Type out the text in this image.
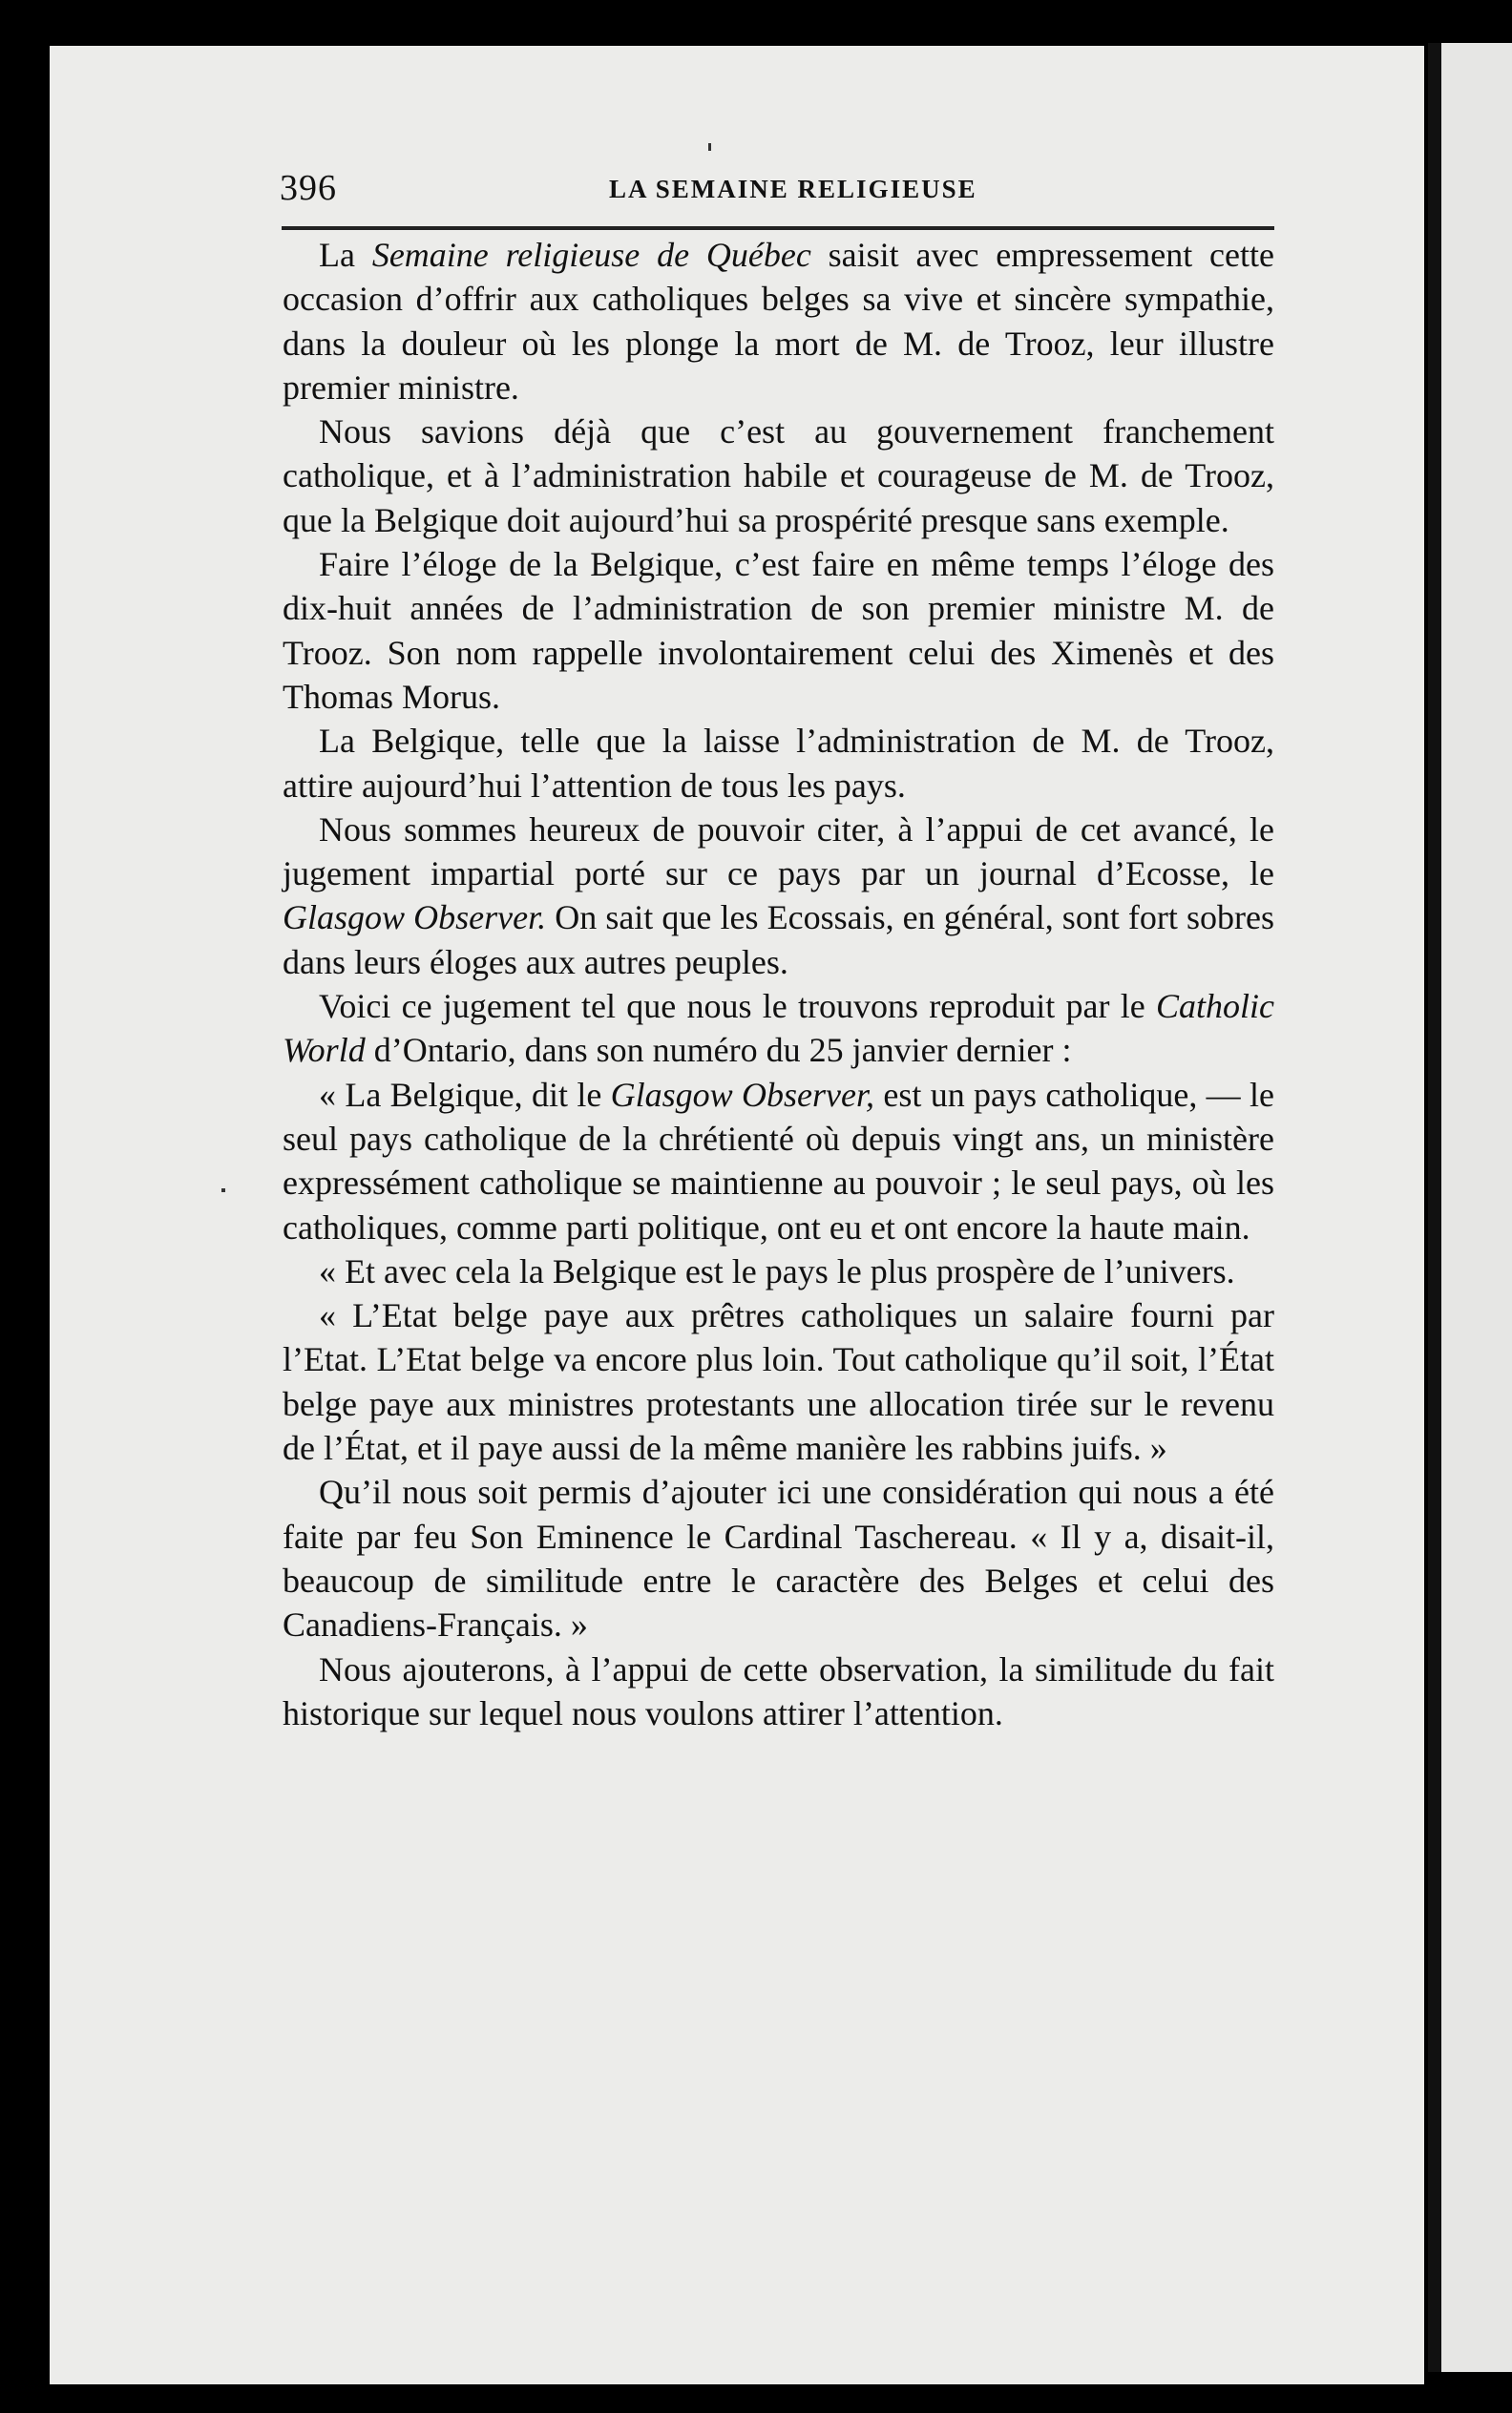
396	LA SEMAINE RELIGIEUSE

La Semaine religieuse de Québec saisit avec empressement cette occasion d’offrir aux catholiques belges sa vive et sincère sympathie, dans la douleur où les plonge la mort de M. de Trooz, leur illustre premier ministre.

Nous savions déjà que c’est au gouvernement franchement catholique, et à l’administration habile et courageuse de M. de Trooz, que la Belgique doit aujourd’hui sa prospérité presque sans exemple.

Faire l’éloge de la Belgique, c’est faire en même temps l’éloge des dix-huit années de l’administration de son premier ministre M. de Trooz. Son nom rappelle involontairement celui des Ximenès et des Thomas Morus.

La Belgique, telle que la laisse l’administration de M. de Trooz, attire aujourd’hui l’attention de tous les pays.

Nous sommes heureux de pouvoir citer, à l’appui de cet avancé, le jugement impartial porté sur ce pays par un journal d’Ecosse, le Glasgow Observer. On sait que les Ecossais, en général, sont fort sobres dans leurs éloges aux autres peuples.

Voici ce jugement tel que nous le trouvons reproduit par le Catholic World d’Ontario, dans son numéro du 25 janvier dernier :

« La Belgique, dit le Glasgow Observer, est un pays catholique, — le seul pays catholique de la chrétienté où depuis vingt ans, un ministère expressément catholique se maintienne au pouvoir ; le seul pays, où les catholiques, comme parti politique, ont eu et ont encore la haute main.

« Et avec cela la Belgique est le pays le plus prospère de l’univers.

« L’Etat belge paye aux prêtres catholiques un salaire fourni par l’Etat. L’Etat belge va encore plus loin. Tout catholique qu’il soit, l’État belge paye aux ministres protestants une allocation tirée sur le revenu de l’État, et il paye aussi de la même manière les rabbins juifs. »

Qu’il nous soit permis d’ajouter ici une considération qui nous a été faite par feu Son Eminence le Cardinal Taschereau. « Il y a, disait-il, beaucoup de similitude entre le caractère des Belges et celui des Canadiens-Français. »

Nous ajouterons, à l’appui de cette observation, la similitude du fait historique sur lequel nous voulons attirer l’attention.
